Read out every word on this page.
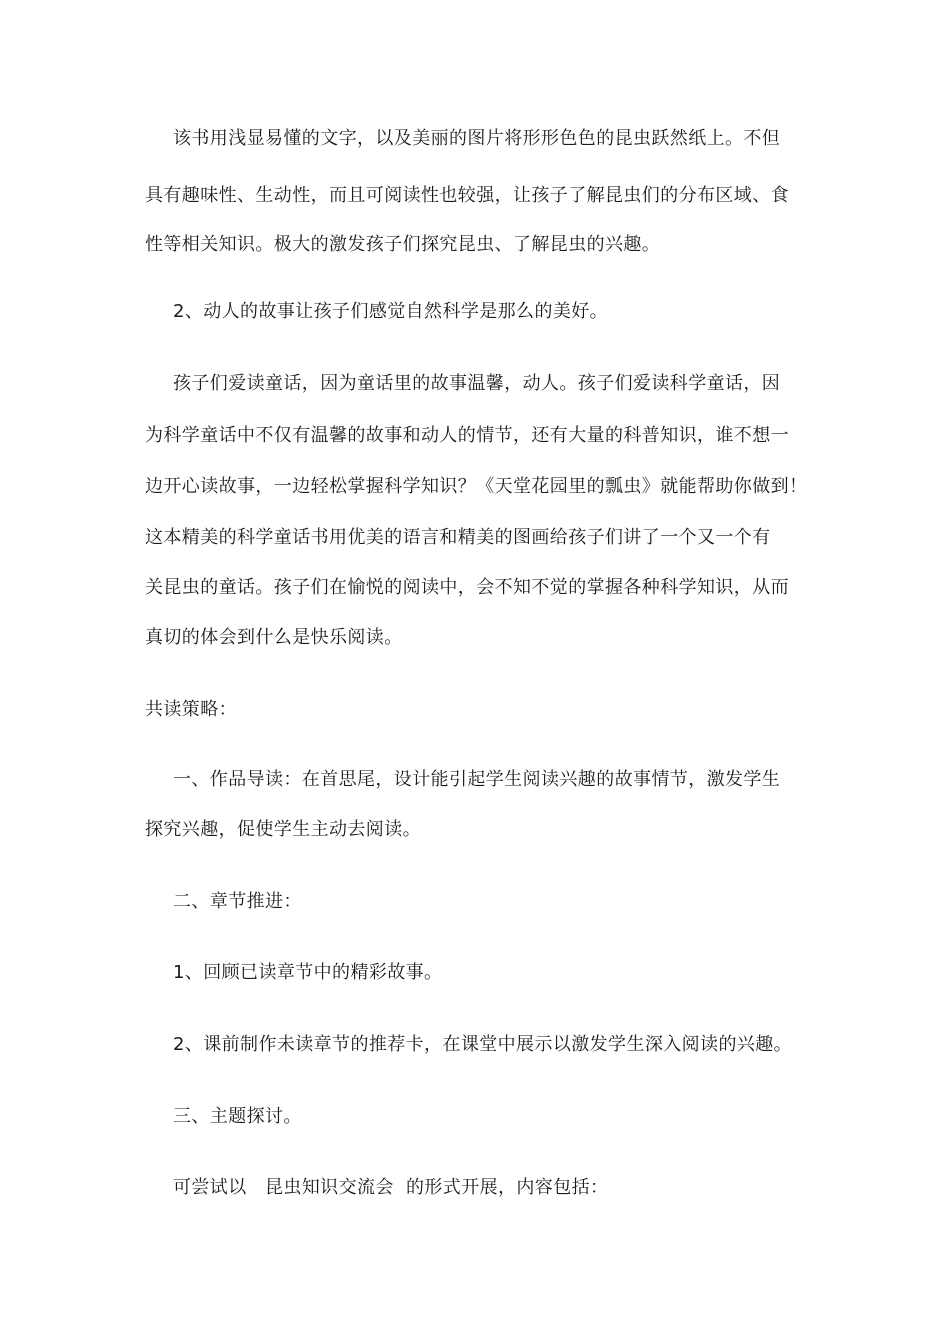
该书用浅显易懂的文字，以及美丽的图片将形形色色的昆虫跃然纸上。不但
具有趣味性、生动性，而且可阅读性也较强，让孩子了解昆虫们的分布区域、食
性等相关知识。极大的激发孩子们探究昆虫、了解昆虫的兴趣。
2、动人的故事让孩子们感觉自然科学是那么的美好。
孩子们爱读童话，因为童话里的故事温馨，动人。孩子们爱读科学童话，因
为科学童话中不仅有温馨的故事和动人的情节，还有大量的科普知识，谁不想一
边开心读故事，一边轻松掌握科学知识？《天堂花园里的瓢虫》就能帮助你做到！
这本精美的科学童话书用优美的语言和精美的图画给孩子们讲了一个又一个有
关昆虫的童话。孩子们在愉悦的阅读中，会不知不觉的掌握各种科学知识，从而
真切的体会到什么是快乐阅读。
共读策略：
一、作品导读：在首思尾，设计能引起学生阅读兴趣的故事情节，激发学生
探究兴趣，促使学生主动去阅读。
二、章节推进：
1、回顾已读章节中的精彩故事。
2、课前制作未读章节的推荐卡，在课堂中展示以激发学生深入阅读的兴趣。
三、主题探讨。
可尝试以   昆虫知识交流会  的形式开展，内容包括：
